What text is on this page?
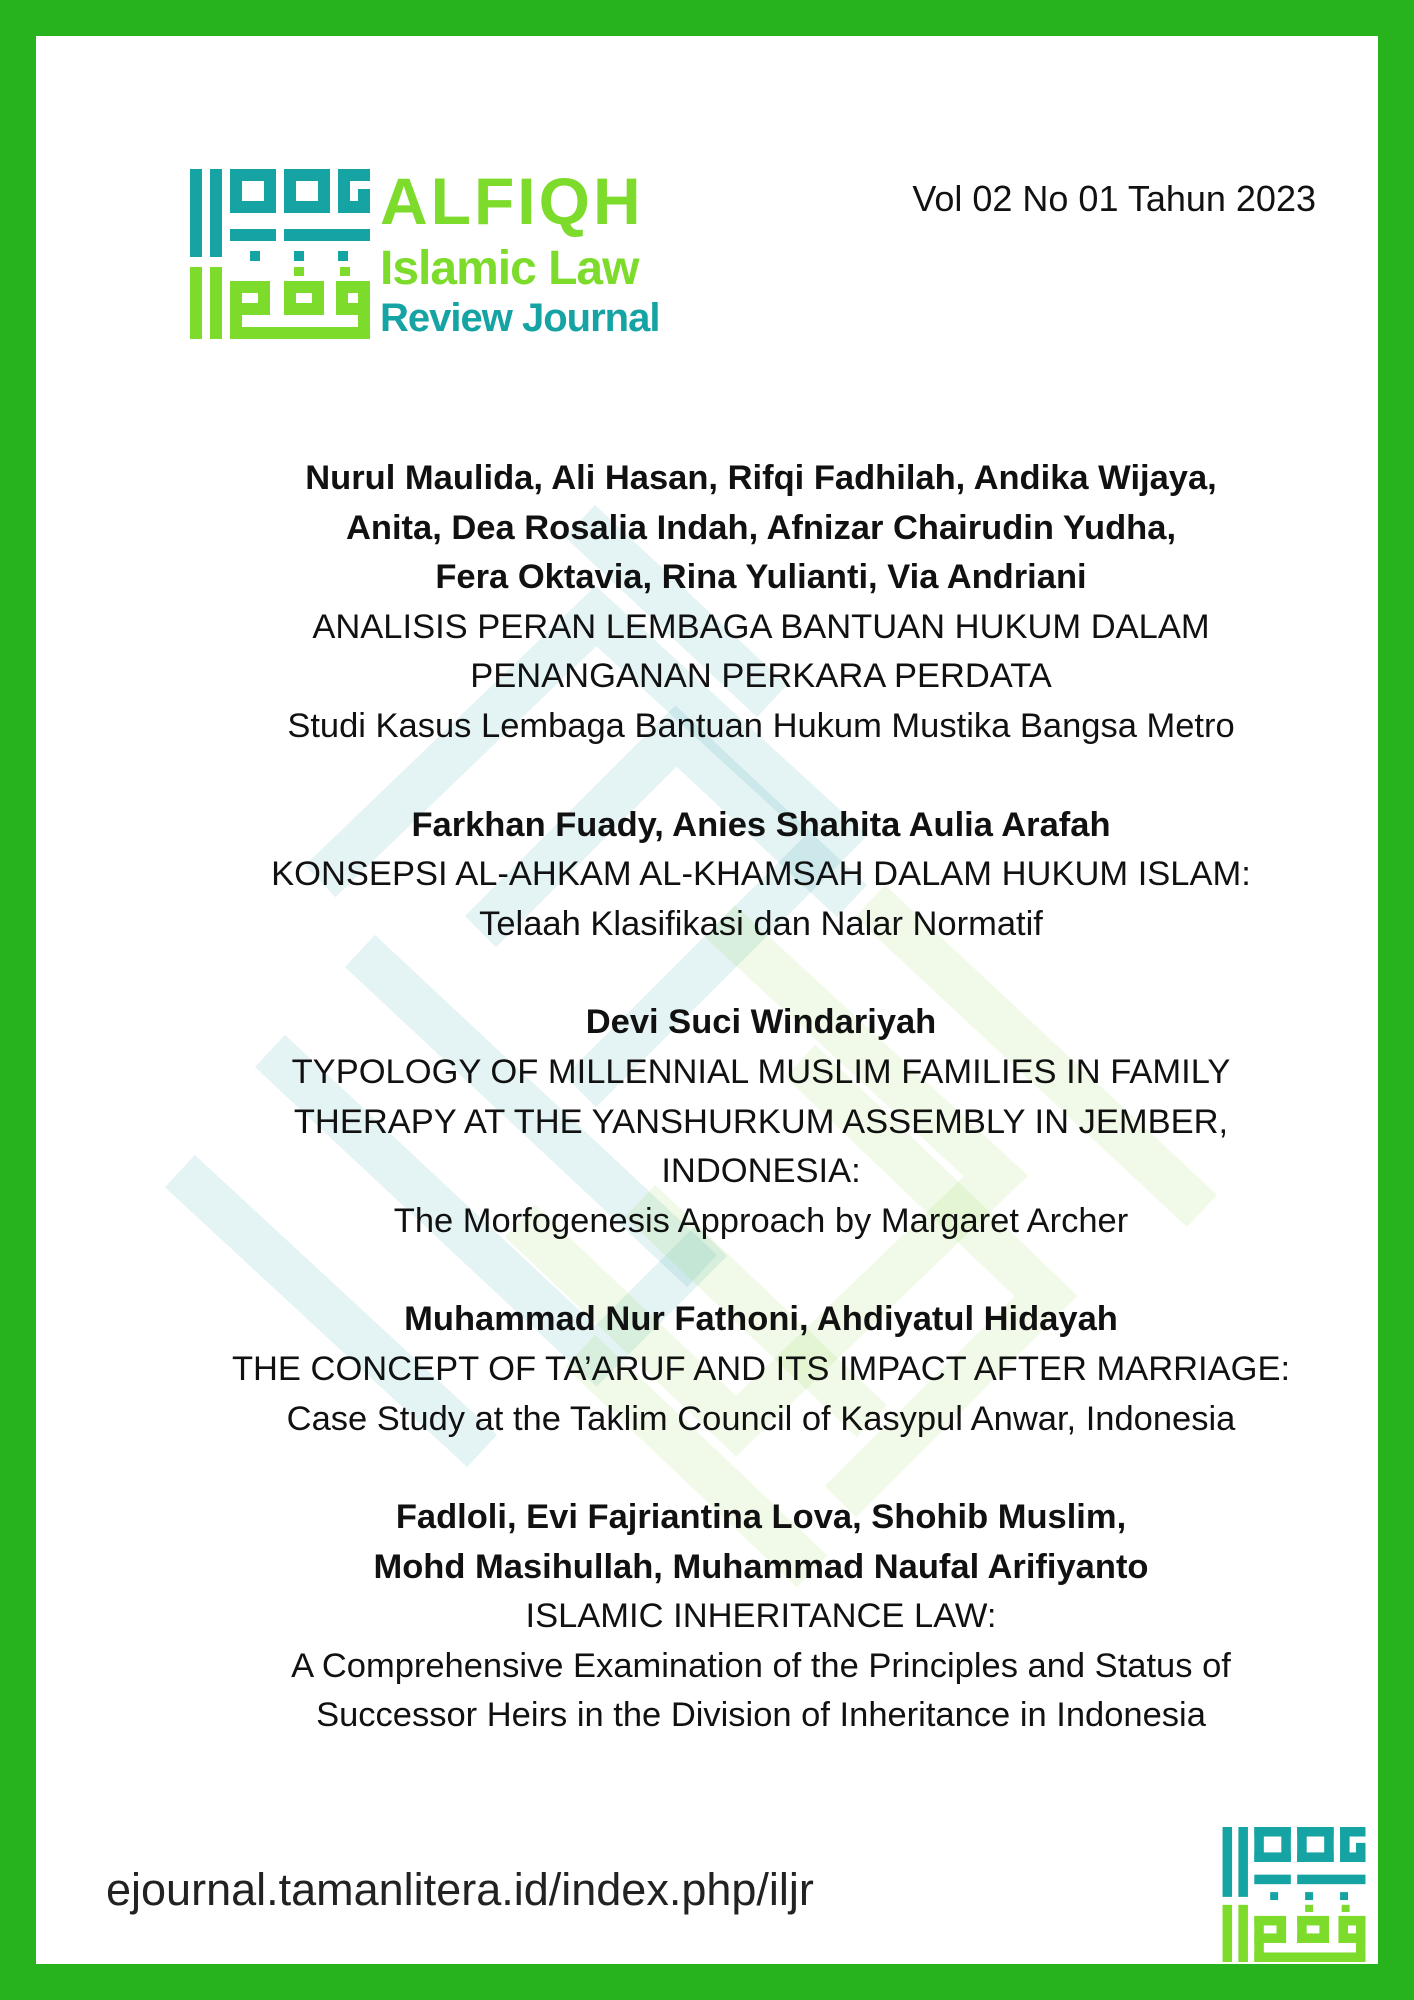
ALFIQH
Islamic Law
Review Journal
Vol 02 No 01 Tahun 2023
Nurul Maulida, Ali Hasan, Rifqi Fadhilah, Andika Wijaya,
Anita, Dea Rosalia Indah, Afnizar Chairudin Yudha,
Fera Oktavia, Rina Yulianti, Via Andriani
ANALISIS PERAN LEMBAGA BANTUAN HUKUM DALAM
PENANGANAN PERKARA PERDATA
Studi Kasus Lembaga Bantuan Hukum Mustika Bangsa Metro
Farkhan Fuady, Anies Shahita Aulia Arafah
KONSEPSI AL-AHKAM AL-KHAMSAH DALAM HUKUM ISLAM:
Telaah Klasifikasi dan Nalar Normatif
Devi Suci Windariyah
TYPOLOGY OF MILLENNIAL MUSLIM FAMILIES IN FAMILY
THERAPY AT THE YANSHURKUM ASSEMBLY IN JEMBER,
INDONESIA:
The Morfogenesis Approach by Margaret Archer
Muhammad Nur Fathoni, Ahdiyatul Hidayah
THE CONCEPT OF TA’ARUF AND ITS IMPACT AFTER MARRIAGE:
Case Study at the Taklim Council of Kasypul Anwar, Indonesia
Fadloli, Evi Fajriantina Lova, Shohib Muslim,
Mohd Masihullah, Muhammad Naufal Arifiyanto
ISLAMIC INHERITANCE LAW:
A Comprehensive Examination of the Principles and Status of
Successor Heirs in the Division of Inheritance in Indonesia
ejournal.tamanlitera.id/index.php/iljr
